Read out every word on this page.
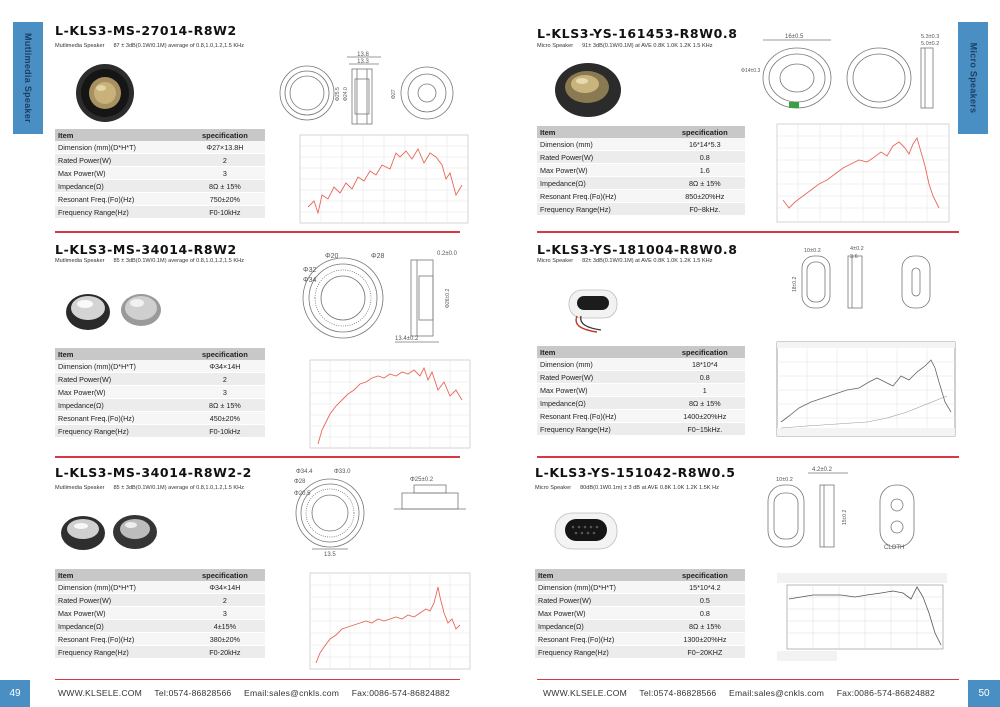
Mutlimedia Speaker	Micro Speakers
L-KLS3-MS-27014-R8W2
Mutlimedia Speaker 87 ± 3dB(0.1W/0.1M) average of 0.8,1.0,1.2,1.5 KHz
13.8
13.3
Φ25.5 Φ24.0	Φ27
Item	specification
Dimension (mm)(D*H*T)	Φ27×13.8H
Rated Power(W)	2
Max Power(W)	3
Impedance(Ω)	8Ω ± 15%
Resonant Freq.(Fo)(Hz)	750±20%
Frequency Range(Hz)	F0-10kHz
L-KLS3-MS-34014-R8W2
Mutlimedia Speaker 85 ± 3dB(0.1W/0.1M) average of 0.8,1.0,1.2,1.5 KHz
Φ20	Φ28
Φ32
Φ34
0.2±0.0
Φ26±0.2
13.4±0.2
Item	specification
Dimension (mm)(D*H*T)	Φ34×14H
Rated Power(W)	2
Max Power(W)	3
Impedance(Ω)	8Ω ± 15%
Resonant Freq.(Fo)(Hz)	450±20%
Frequency Range(Hz)	F0-10kHz
L-KLS3-MS-34014-R8W2-2
Mutlimedia Speaker 85 ± 3dB(0.1W/0.1M) average of 0.8,1.0,1.2,1.5 KHz
Φ34.4	Φ33.0
Φ28
Φ20.5
Φ25±0.2
13.5
Item	specification
Dimension (mm)(D*H*T)	Φ34×14H
Rated Power(W)	2
Max Power(W)	3
Impedance(Ω)	4±15%
Resonant Freq.(Fo)(Hz)	380±20%
Frequency Range(Hz)	F0-20kHz
L-KLS3-YS-161453-R8W0.8
Micro Speaker 91± 3dB(0.1W/0.1M) at AVE 0.8K 1.0K 1.2K 1.5 KHz
16±0.5	5.3±0.3
5.0±0.2
Φ14±0.3
Item	specification
Dimension (mm)	16*14*5.3
Rated Power(W)	0.8
Max Power(W)	1.6
Impedance(Ω)	8Ω ± 15%
Resonant Freq.(Fo)(Hz)	850±20%Hz
Frequency Range(Hz)	F0~8kHz.
L-KLS3-YS-181004-R8W0.8
Micro Speaker 82± 3dB(0.1W/0.1M) at AVE 0.8K 1.0K 1.2K 1.5 KHz
10±0.2	4±0.2
3.6
18±0.2
Item	specification
Dimension (mm)	18*10*4
Rated Power(W)	0.8
Max Power(W)	1
Impedance(Ω)	8Ω ± 15%
Resonant Freq.(Fo)(Hz)	1400±20%Hz
Frequency Range(Hz)	F0~15kHz.
L-KLS3-YS-151042-R8W0.5
Micro Speaker 80dB(0.1W0.1m) ± 3 dB at AVE 0.8K 1.0K 1.2K 1.5K Hz
4.2±0.2
10±0.2
15±0.2
CLOTH
Item	specification
Dimension (mm)(D*H*T)	15*10*4.2
Rated Power(W)	0.5
Max Power(W)	0.8
Impedance(Ω)	8Ω ± 15%
Resonant Freq.(Fo)(Hz)	1300±20%Hz
Frequency Range(Hz)	F0~20KHZ
49	WWW.KLSELE.COM Tel:0574-86828566 Email:sales@cnkls.com Fax:0086-574-86824882	WWW.KLSELE.COM Tel:0574-86828566 Email:sales@cnkls.com Fax:0086-574-86824882	50
